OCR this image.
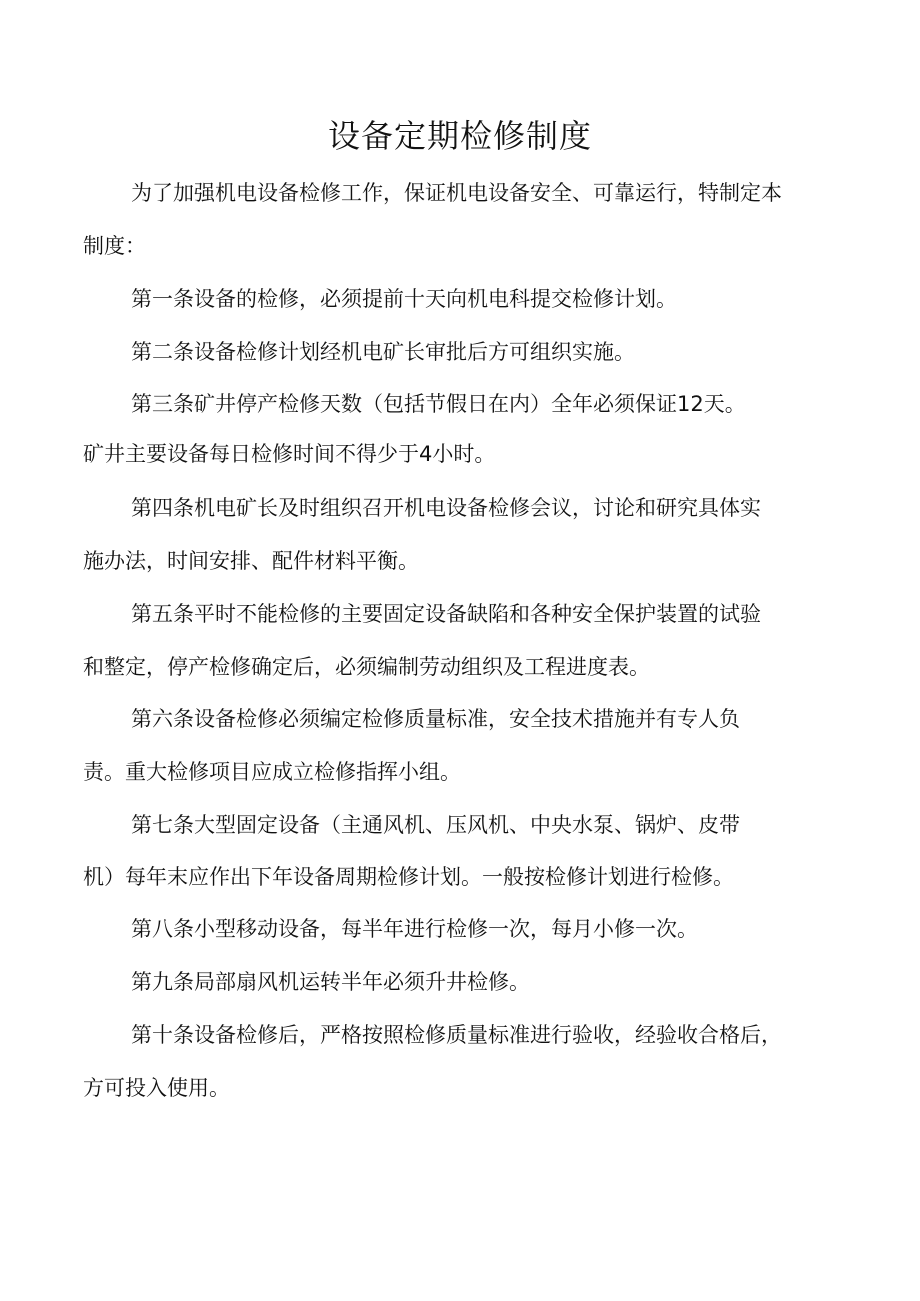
设备定期检修制度
为了加强机电设备检修工作，保证机电设备安全、可靠运行，特制定本
制度：
第一条设备的检修，必须提前十天向机电科提交检修计划。
第二条设备检修计划经机电矿长审批后方可组织实施。
第三条矿井停产检修天数（包括节假日在内）全年必须保证12天。
矿井主要设备每日检修时间不得少于4小时。
第四条机电矿长及时组织召开机电设备检修会议，讨论和研究具体实
施办法，时间安排、配件材料平衡。
第五条平时不能检修的主要固定设备缺陷和各种安全保护装置的试验
和整定，停产检修确定后，必须编制劳动组织及工程进度表。
第六条设备检修必须编定检修质量标准，安全技术措施并有专人负
责。重大检修项目应成立检修指挥小组。
第七条大型固定设备（主通风机、压风机、中央水泵、锅炉、皮带
机）每年末应作出下年设备周期检修计划。一般按检修计划进行检修。
第八条小型移动设备，每半年进行检修一次，每月小修一次。
第九条局部扇风机运转半年必须升井检修。
第十条设备检修后，严格按照检修质量标准进行验收，经验收合格后，
方可投入使用。
